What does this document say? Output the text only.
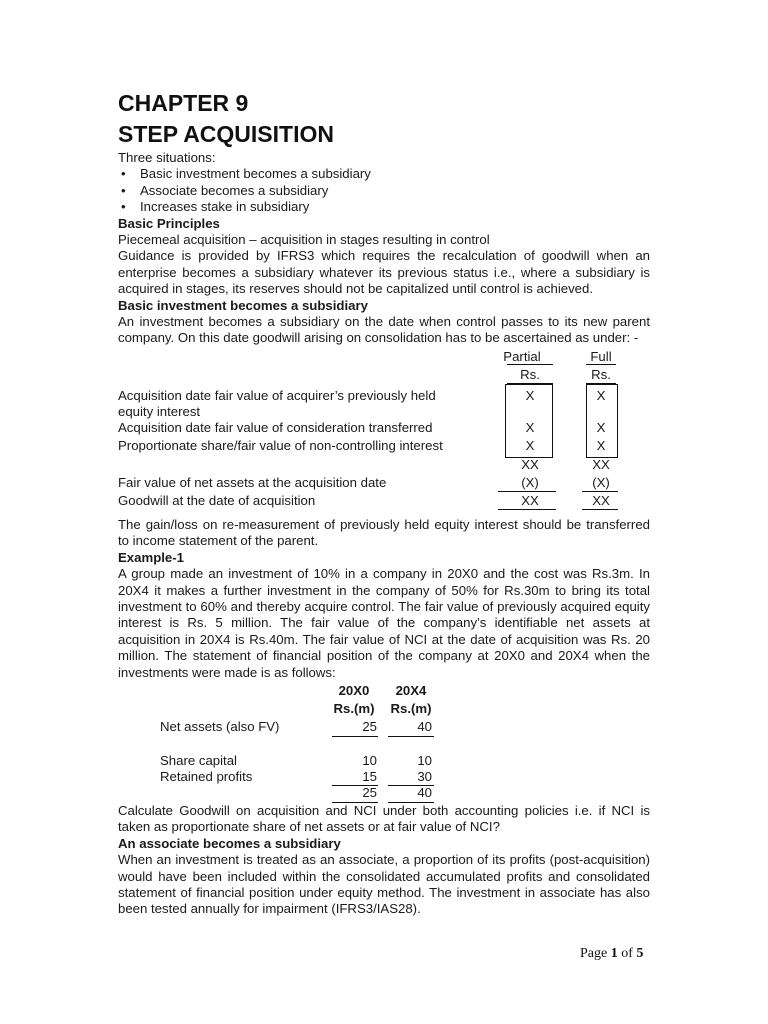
CHAPTER 9
STEP ACQUISITION

Three situations:

• Basic investment becomes a subsidiary
• Associate becomes a subsidiary
• Increases stake in subsidiary

Basic Principles

Piecemeal acquisition – acquisition in stages resulting in control

Guidance is provided by IFRS3 which requires the recalculation of goodwill when an enterprise becomes a subsidiary whatever its previous status i.e., where a subsidiary is acquired in stages, its reserves should not be capitalized until control is achieved.

Basic investment becomes a subsidiary

An investment becomes a subsidiary on the date when control passes to its new parent company. On this date goodwill arising on consolidation has to be ascertained as under: -

Partial	Full
Rs.	Rs.
Acquisition date fair value of acquirer’s previously held
equity interest
X	X
Acquisition date fair value of consideration transferred	X	X
Proportionate share/fair value of non-controlling interest	X	X
XX	XX
Fair value of net assets at the acquisition date	(X)	(X)
Goodwill at the date of acquisition	XX	XX

The gain/loss on re-measurement of previously held equity interest should be transferred to income statement of the parent.

Example-1

A group made an investment of 10% in a company in 20X0 and the cost was Rs.3m. In 20X4 it makes a further investment in the company of 50% for Rs.30m to bring its total investment to 60% and thereby acquire control. The fair value of previously acquired equity interest is Rs. 5 million. The fair value of the company’s identifiable net assets at acquisition in 20X4 is Rs.40m. The fair value of NCI at the date of acquisition was Rs. 20 million. The statement of financial position of the company at 20X0 and 20X4 when the investments were made is as follows:

20X0	20X4
Rs.(m) Rs.(m)
Net assets (also FV)	25	40
Share capital	10	10
Retained profits	15	30
25	40

Calculate Goodwill on acquisition and NCI under both accounting policies i.e. if NCI is taken as proportionate share of net assets or at fair value of NCI?

An associate becomes a subsidiary

When an investment is treated as an associate, a proportion of its profits (post-acquisition) would have been included within the consolidated accumulated profits and consolidated statement of financial position under equity method. The investment in associate has also been tested annually for impairment (IFRS3/IAS28).

Page 1 of 5
